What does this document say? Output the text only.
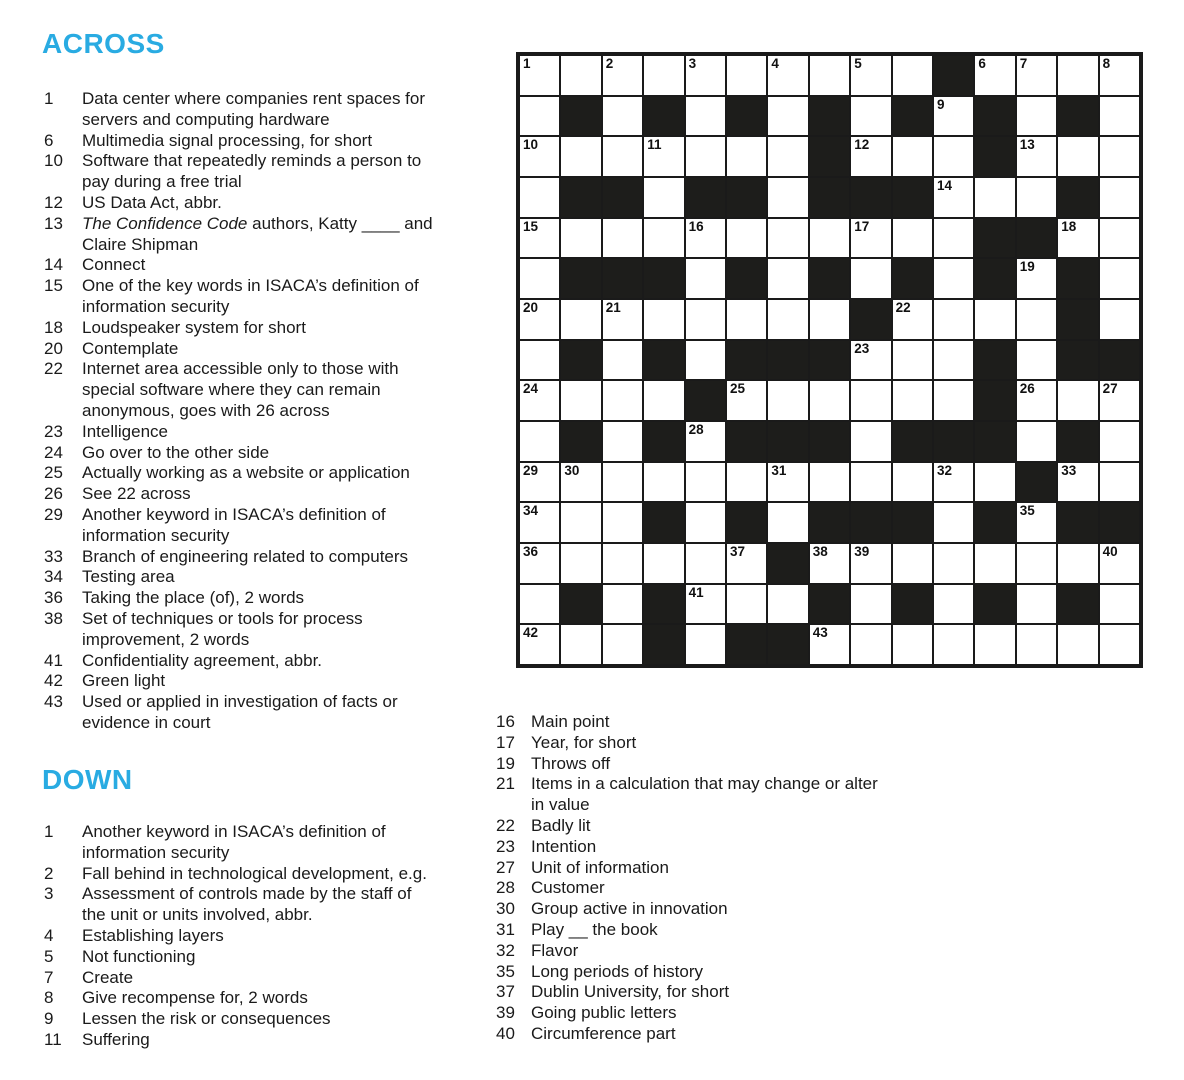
ACROSS
1	Data center where companies rent spaces for
servers and computing hardware
6	Multimedia signal processing, for short
10	Software that repeatedly reminds a person to
pay during a free trial
12	US Data Act, abbr.
13	The Confidence Code authors, Katty ____ and
Claire Shipman
14	Connect
15	One of the key words in ISACA’s definition of
information security
18	Loudspeaker system for short
20	Contemplate
22	Internet area accessible only to those with
special software where they can remain
anonymous, goes with 26 across
23	Intelligence
24	Go over to the other side
25	Actually working as a website or application
26	See 22 across
29	Another keyword in ISACA’s definition of
information security
33	Branch of engineering related to computers
34	Testing area
36	Taking the place (of), 2 words
38	Set of techniques or tools for process
improvement, 2 words
41	Confidentiality agreement, abbr.
42	Green light
43	Used or applied in investigation of facts or
evidence in court
1	2	3	4	5	6	7	8
9
10	11	12	13
14
15	16	17	18
19
20	21	22
23
24	25	26	27
28
29 30	31	32	33
34	35
36	37	38 39	40
41
42	43
DOWN
1	Another keyword in ISACA’s definition of
information security
2	Fall behind in technological development, e.g.
3	Assessment of controls made by the staff of
the unit or units involved, abbr.
4	Establishing layers
5	Not functioning
7	Create
8	Give recompense for, 2 words
9	Lessen the risk or consequences
11	Suffering
16 Main point
17 Year, for short
19 Throws off
21 Items in a calculation that may change or alter
in value
22 Badly lit
23 Intention
27 Unit of information
28 Customer
30 Group active in innovation
31 Play __ the book
32 Flavor
35 Long periods of history
37 Dublin University, for short
39 Going public letters
40 Circumference part
